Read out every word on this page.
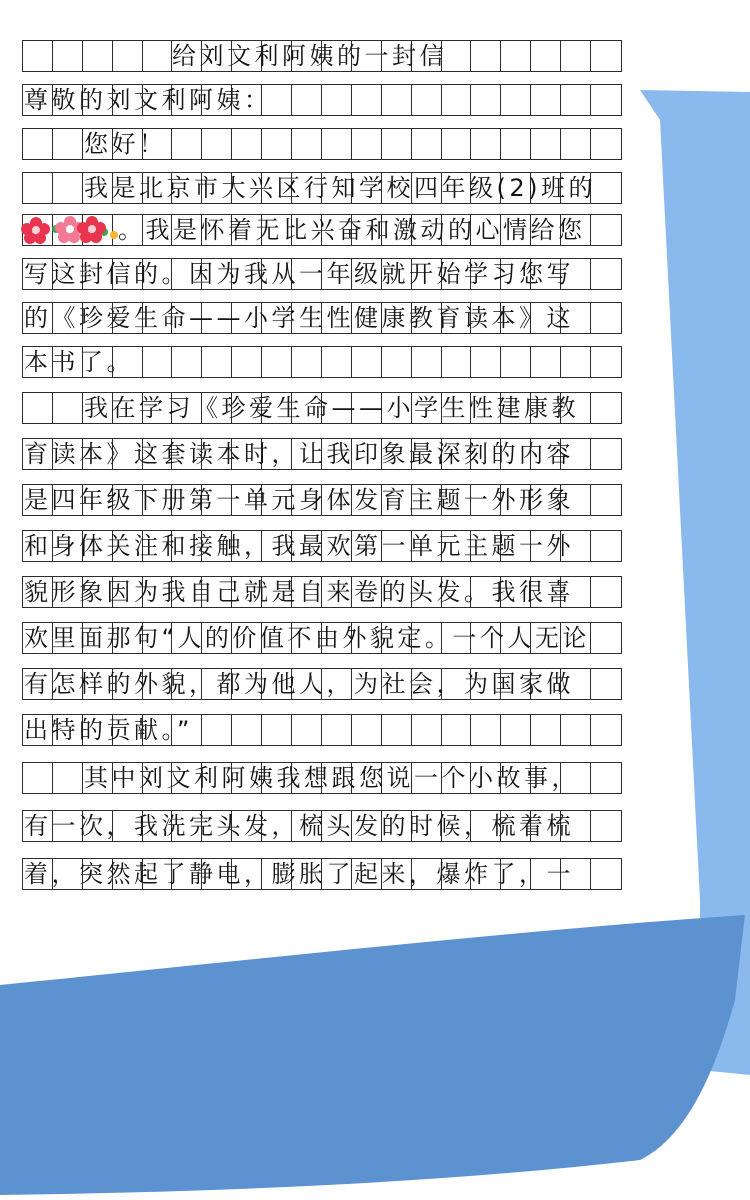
给刘文利阿姨的一封信
尊敬的刘文利阿姨：
您好！
我是北京市大兴区行知学校四年级(2)班的
。我是怀着无比兴奋和激动的心情给您
写这封信的。因为我从一年级就开始学习您写
的《珍爱生命——小学生性健康教育读本》这
本书了。
我在学习《珍爱生命——小学生性建康教
育读本》这套读本时，让我印象最深刻的内容
是四年级下册第一单元身体发育主题一外形象
和身体关注和接触，我最欢第一单元主题一外
貌形象因为我自己就是自来卷的头发。我很喜
欢里面那句“人的价值不由外貌定。一个人无论
有怎样的外貌，都为他人，为社会，为国家做
出特的贡献。”
其中刘文利阿姨我想跟您说一个小故事，
有一次，我洗完头发，梳头发的时候，梳着梳
着，突然起了静电，膨胀了起来，爆炸了，一
